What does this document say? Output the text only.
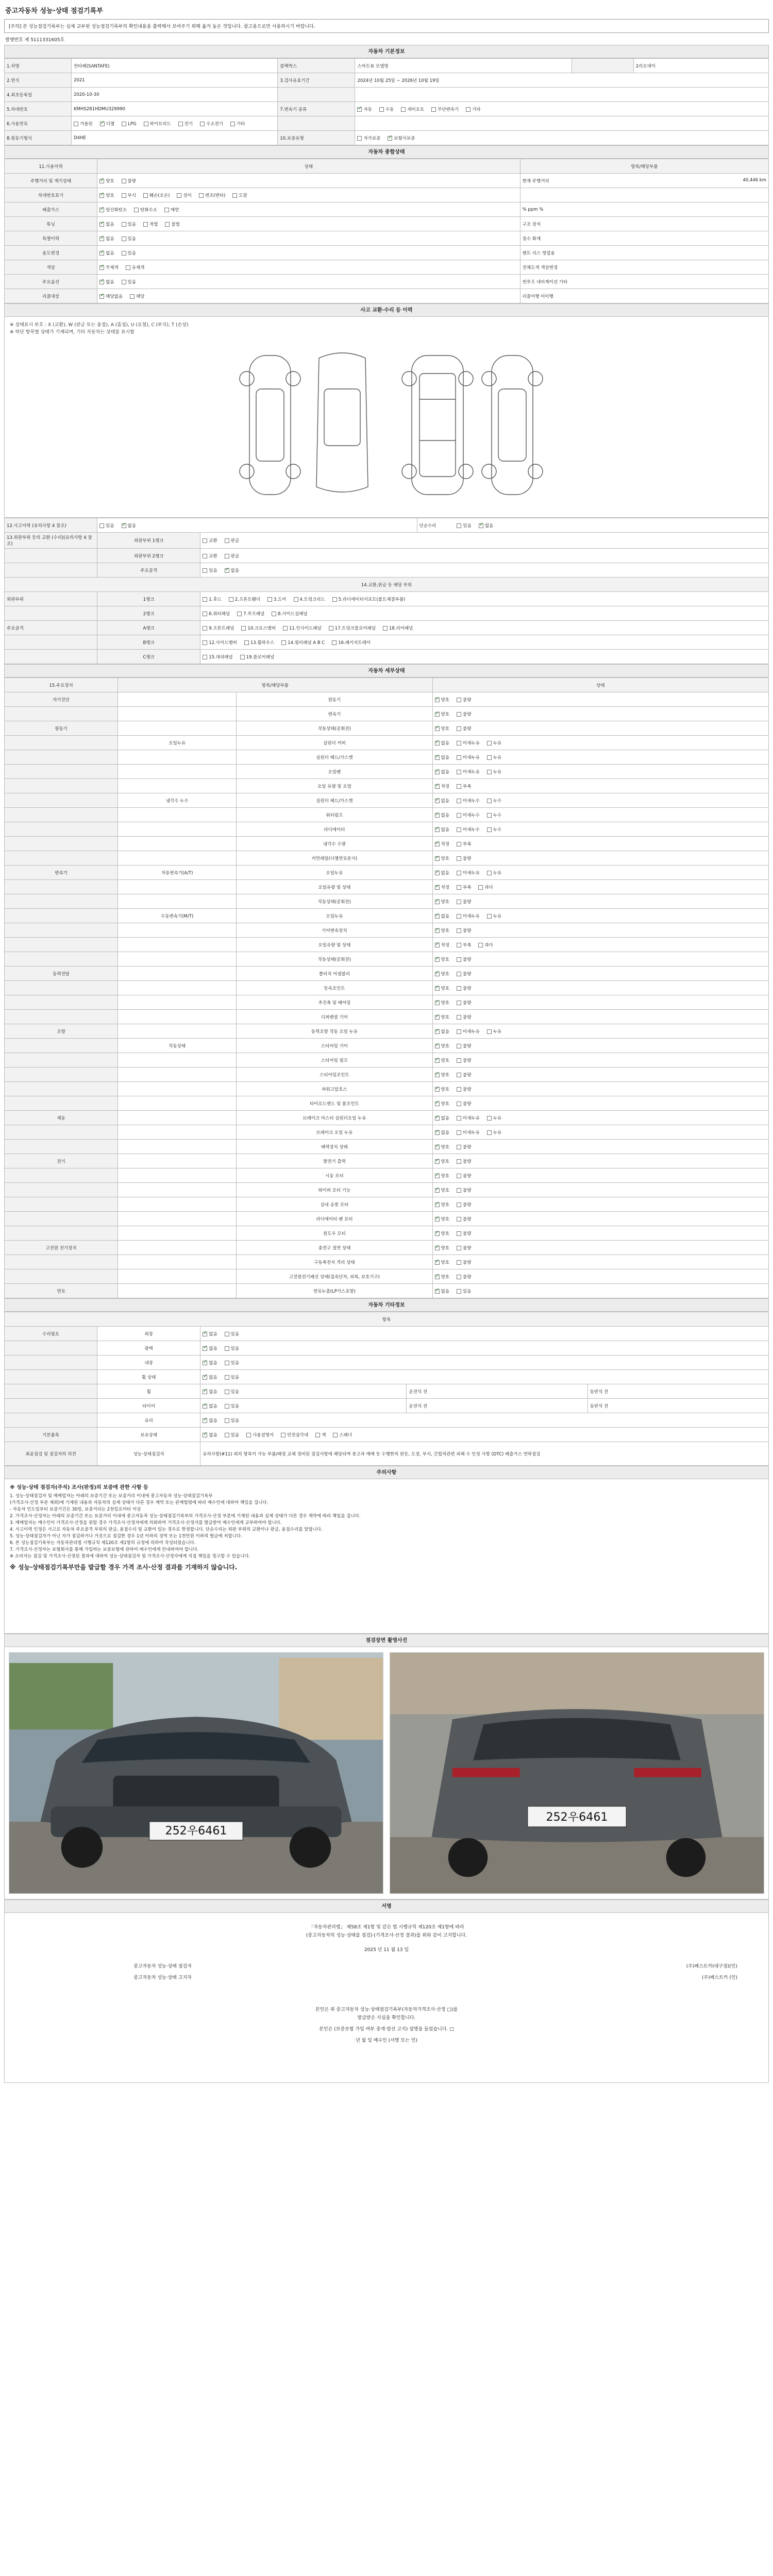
중고자동차 성능·상태 점검기록부
[주의] 본 성능점검기록부는 실제 교부된 성능점검기록부의 확인내용을 출력해서 보여주기 위해 옮겨 놓은 것입니다. 참고용으로만 사용하시기 바랍니다.
발행번호 제 5111331605호
자동차 기본정보
1.차명	싼타페(SANTAFE)	블랙박스	스마트뷰 모델명		2리오데이
2.연식	2021	3.검사유효기간	2024년 10월 25일 ~ 2026년 10월 19일		
4.최초등록일	2020-10-30				
5.차대번호	KMHS281HDMU329990	7.변속기 종류	✓자동 수동 세미오토 무단변속기 기타
6.사용연료	가솔린 ✓ 디젤 LPG 하이브리드 전기 수소전기 기타		
8.원동기형식	D4HE	10.보증유형	자가보증 ✓ 보험사보증
자동차 종합상태
11.사용이력	상태	항목/해당부품
주행거리 및 계기상태	✓양호 불량	현재 주행거리 40,446 km

차대번호표기	✓양호 부식 훼손(오손) 상이 변조(변타) 도말	
배출가스	✓일산화탄소 탄화수소 매연	% ppm %
튜닝	✓없음 있음 적법 불법	구조 장치
특별이력	✓없음 있음	침수 화재
용도변경	✓없음 있음	렌트 리스 영업용
색상	✓무채색 유채색	전체도색 색상변경
주요옵션	✓없음 있음	썬루프 네비게이션 기타
리콜대상	✓해당없음 해당	리콜이행 미이행
사고 교환·수리 등 이력
※ 상태표시 부호 : X (교환), W (판금 또는 용접), A (흠집), U (요철), C (부식), T (손상)
※ 하단 항목별 상태가 기재되며, 기타 자동차는 상태를 표시함
12.사고이력 (유의사항 4 참조)	있음 ✓ 없음		단순수리 있음 ✓ 없음
13.외판부위 등의 교환 (수리)(유의사항 4 참조)	외판부위 1랭크	교환 판금	
	외판부위 2랭크	교환 판금	
	주요골격	있음 ✓ 없음
14.교환,판금 등 해당 부위			
외판부위	1랭크	1.후드 2.프론트휀더 3.도어 4.트렁크리드 5.라디에이터서포트(볼트체결부품)	
	2랭크	6.쿼터패널 7.루프패널 8.사이드실패널	
주요골격	A랭크	9.프론트패널 10.크로스멤버 11.인사이드패널 17.트렁크플로어패널 18.리어패널	
	B랭크	12.사이드멤버 13.휠하우스 14.필러패널 A B C 16.패키지트레이	
	C랭크	15.대쉬패널 19.플로어패널	
자동차 세부상태
15.주요장치	항목/해당부품		상태
자기진단		원동기	✓양호 불량
		변속기	✓양호 불량
원동기		작동상태(공회전)	✓양호 불량
	오일누유	실린더 커버	✓없음 미세누유 누유
		실린더 헤드/가스켓	✓없음 미세누유 누유
		오일팬	✓없음 미세누유 누유
		오일 유량 및 오염	✓적정 부족
	냉각수 누수	실린더 헤드/가스켓	✓없음 미세누수 누수
		워터펌프	✓없음 미세누수 누수
		라디에이터	✓없음 미세누수 누수
		냉각수 수량	✓적정 부족
		커먼레일(디젤연료분사)	✓양호 불량
변속기	자동변속기(A/T)	오일누유	✓없음 미세누유 누유
		오일유량 및 상태	✓적정 부족 과다
		작동상태(공회전)	✓양호 불량
	수동변속기(M/T)	오일누유	✓없음 미세누유 누유
		기어변속장치	✓양호 불량
		오일유량 및 상태	✓적정 부족 과다
		작동상태(공회전)	✓양호 불량
동력전달		클러치 어셈블리	✓양호 불량
		등속조인트	✓양호 불량
		추진축 및 베어링	✓양호 불량
		디퍼렌셜 기어	✓양호 불량
조향		동력조향 작동 오일 누유	✓없음 미세누유 누유
	작동상태	스티어링 기어	✓양호 불량
		스티어링 펌프	✓양호 불량
		스티어링조인트	✓양호 불량
		파워고압호스	✓양호 불량
		타이로드엔드 및 볼조인트	✓양호 불량
제동		브레이크 마스터 실린더오일 누유	✓없음 미세누유 누유
		브레이크 오일 누유	✓없음 미세누유 누유
		배력장치 상태	✓양호 불량
전기		발전기 출력	✓양호 불량
		시동 모터	✓양호 불량
		와이퍼 모터 기능	✓양호 불량
		실내 송풍 모터	✓양호 불량
		라디에이터 팬 모터	✓양호 불량
		윈도우 모터	✓양호 불량
고전원 전기장치		충전구 절연 상태	✓양호 불량
		구동축전지 격리 상태	✓양호 불량
		고전원전기배선 상태(접속단자, 피복, 보호기구)	✓양호 불량
연료		연료누출(LP가스포함)	✓없음 있음
자동차 기타정보
항목				
수리필요	외장	✓없음 있음
	광택	✓없음 있음
	내장	✓없음 있음
	휠 상태	✓없음 있음
	휠	✓없음 있음	운전석 전	동반석 전
	타이어	✓없음 있음	운전석 전	동반석 전
	유리	✓없음 있음
기본품목	보유상태	✓없음 있음 사용설명서 안전삼각대 잭 스패너
최종점검 및 점검자의 의견	성능·상태점검자	유의사항(#11) 외의 항목이 가능 부품/배정 교체 정비된 점검사항에 해당되며 중고차 매매 등 수행한의 판등, 도장, 부식, 간헐적관련 피해 수 인정 사항 (DTC) 배출가스 연락점검		
주의사항
※ 성능·상태 점검자(주석) 조사(판정)의 보증에 관한 사항 등
1. 성능·상태점검자 및 매매업자는 아래의 보증기간 또는 보증거리 이내에 중고자동차 성능·상태점검기록부
(가격조사·산정 부분 제외)에 기재된 내용과 자동차의 실제 상태가 다른 경우 계약 또는 관계법령에 따라 매수인에 대하여 책임을 집니다.
- 자동차 인도일부터 보증기간은 30일, 보증거리는 2천킬로미터 이상
2. 가격조사·산정자는 아래의 보증기간 또는 보증거리 이내에 중고자동차 성능·상태점검기록부의 가격조사·산정 부분에 기재된 내용과 실제 상태가 다른 경우 계약에 따라 책임을 집니다.
3. 매매업자는 매수인이 가격조사·산정을 원할 경우 가격조사·산정자에게 의뢰하여 가격조사·산정서를 발급받아 매수인에게 교부하여야 합니다.
4. 사고이력 인정은 사고로 자동차 주요골격 부위의 판금, 용접수리 및 교환이 있는 경우로 한정합니다. 단순수리는 외판 부위의 교환이나 판금, 용접수리를 말합니다.
5. 성능·상태점검자가 아닌 자가 점검하거나 거짓으로 점검한 경우 1년 이하의 징역 또는 1천만원 이하의 벌금에 처합니다.
6. 본 성능점검기록부는 자동차관리법 시행규칙 제120조 제1항의 규정에 의하여 작성되었습니다.
7. 가격조사·산정자는 보험회사를 통해 가입하는 보증보험에 관하여 매수인에게 안내하여야 합니다.
※ 소비자는 점검 및 가격조사·산정된 결과에 대하여 성능·상태점검자 및 가격조사·산정자에게 직접 책임을 청구할 수 있습니다.
※ 성능·상태점검기록부만을 발급할 경우 가격 조사·산정 결과를 기재하지 않습니다.
점검장면 촬영사진
252우6461
252우6461
서명
「자동차관리법」 제58조 제1항 및 같은 법 시행규칙 제120조 제1항에 따라
(중고자동차의 성능·상태를 점검)·(가격조사·산정 결과)를 위와 같이 고지합니다.
2025 년 11 월 13 일
중고자동차 성능·상태 점검자	(주)페스트카(대구점)(인)
중고자동차 성능·상태 고지자	(주)페스트카 (인)
본인은 위 중고자동차 성능·상태점검기록부(자동차가격조사·산정 □)를
발급받은 사실을 확인합니다.
본인은 (보증보험 가입 여부 중개·알선 고지) 설명을 들었습니다. □
년 월 일 매수인 (서명 또는 인)
